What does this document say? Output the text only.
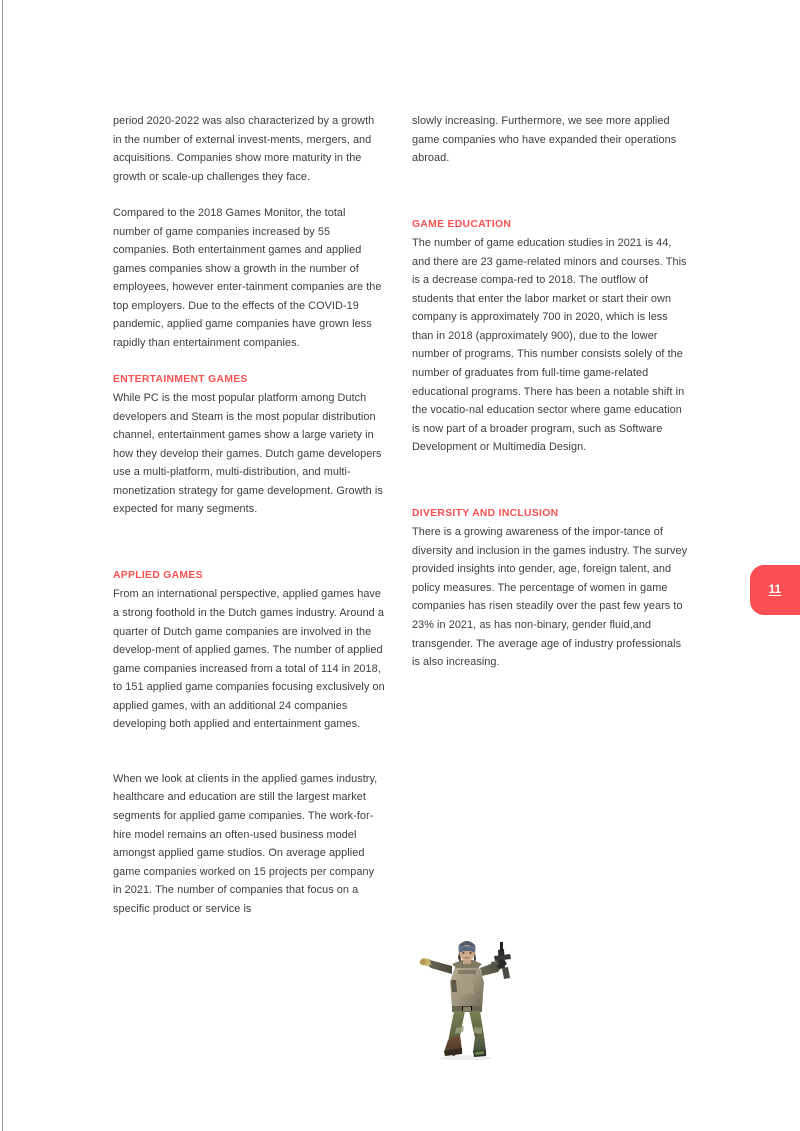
period 2020-2022 was also characterized by a growth in the number of external invest-ments, mergers, and acquisitions. Companies show more maturity in the growth or scale-up challenges they face.

Compared to the 2018 Games Monitor, the total number of game companies increased by 55 companies. Both entertainment games and applied games companies show a growth in the number of employees, however enter-tainment companies are the top employers. Due to the effects of the COVID-19 pandemic, applied game companies have grown less rapidly than entertainment companies.

ENTERTAINMENT GAMES

While PC is the most popular platform among Dutch developers and Steam is the most popular distribution channel, entertainment games show a large variety in how they develop their games. Dutch game developers use a multi-platform, multi-distribution, and multi-monetization strategy for game development. Growth is expected for many segments.

APPLIED GAMES

From an international perspective, applied games have a strong foothold in the Dutch games industry. Around a quarter of Dutch game companies are involved in the develop-ment of applied games. The number of applied game companies increased from a total of 114 in 2018, to 151 applied game companies focusing exclusively on applied games, with an additional 24 companies developing both applied and entertainment games.

When we look at clients in the applied games industry, healthcare and education are still the largest market segments for applied game companies. The work-for-hire model remains an often-used business model amongst applied game studios. On average applied game companies worked on 15 projects per company in 2021. The number of companies that focus on a specific product or service is

slowly increasing. Furthermore, we see more applied game companies who have expanded their operations abroad.

GAME EDUCATION

The number of game education studies in 2021 is 44, and there are 23 game-related minors and courses. This is a decrease compa-red to 2018. The outflow of students that enter the labor market or start their own company is approximately 700 in 2020, which is less than in 2018 (approximately 900), due to the lower number of programs. This number consists solely of the number of graduates from full-time game-related educational programs. There has been a notable shift in the vocatio-nal education sector where game education is now part of a broader program, such as Software Development or Multimedia Design.

DIVERSITY AND INCLUSION

There is a growing awareness of the impor-tance of diversity and inclusion in the games industry. The survey provided insights into gender, age, foreign talent, and policy measures. The percentage of women in game companies has risen steadily over the past few years to 23% in 2021, as has non-binary, gender fluid,and transgender. The average age of industry professionals is also increasing.

11
